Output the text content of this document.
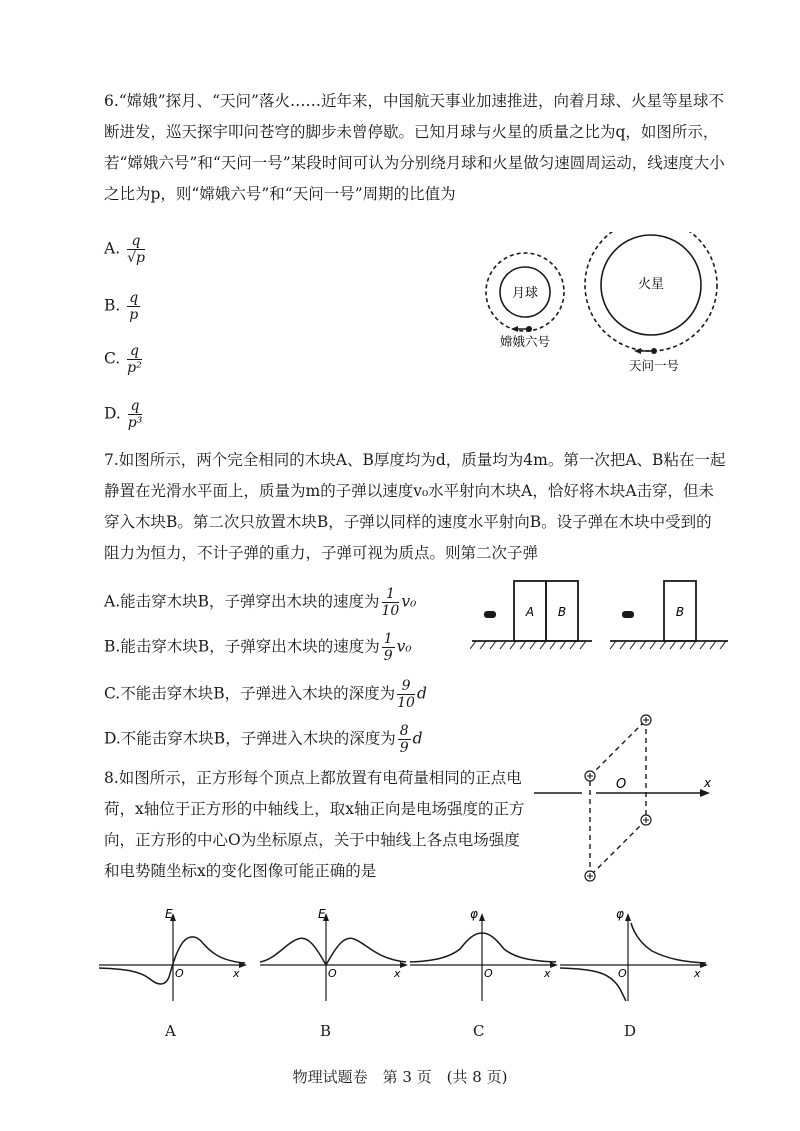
6.“嫦娥”探月、“天问”落火……近年来，中国航天事业加速推进，向着月球、火星等星球不断进发，巡天探宇叩问苍穹的脚步未曾停歇。已知月球与火星的质量之比为q，如图所示，若“嫦娥六号”和“天问一号”某段时间可认为分别绕月球和火星做匀速圆周运动，线速度大小之比为p，则“嫦娥六号”和“天问一号”周期的比值为
A. $\frac{q}{√p}$
B. $\frac{q}{p}$
C. $\frac{q}{\text{p²}}$
D. $\frac{q}{\text{p³}}$
月球
嫦娥六号
火星
天问一号
7.如图所示，两个完全相同的木块A、B厚度均为d，质量均为4m。第一次把A、B粘在一起静置在光滑水平面上，质量为m的子弹以速度v₀水平射向木块A，恰好将木块A击穿，但未穿入木块B。第二次只放置木块B，子弹以同样的速度水平射向B。设子弹在木块中受到的阻力为恒力，不计子弹的重力，子弹可视为质点。则第二次子弹
A.能击穿木块B，子弹穿出木块的速度为 $\frac{1}{10} v_0$
B.能击穿木块B，子弹穿出木块的速度为 $\frac{1}{9} v_0$
C.不能击穿木块B，子弹进入木块的深度为 $\frac{9}{10}$ d
D.不能击穿木块B，子弹进入木块的深度为 $\frac{8}{9}$ d
A B	B
8.如图所示，正方形每个顶点上都放置有电荷量相同的正点电荷，x轴位于正方形的中轴线上，取x轴正向是电场强度的正方向，正方形的中心O为坐标原点，关于中轴线上各点电场强度和电势随坐标x的变化图像可能正确的是
x
O
E
O	x
E
O	x
φ
O	x
φ
O	x
A	B	C	D
物理试题卷　第 3 页　(共 8 页)
